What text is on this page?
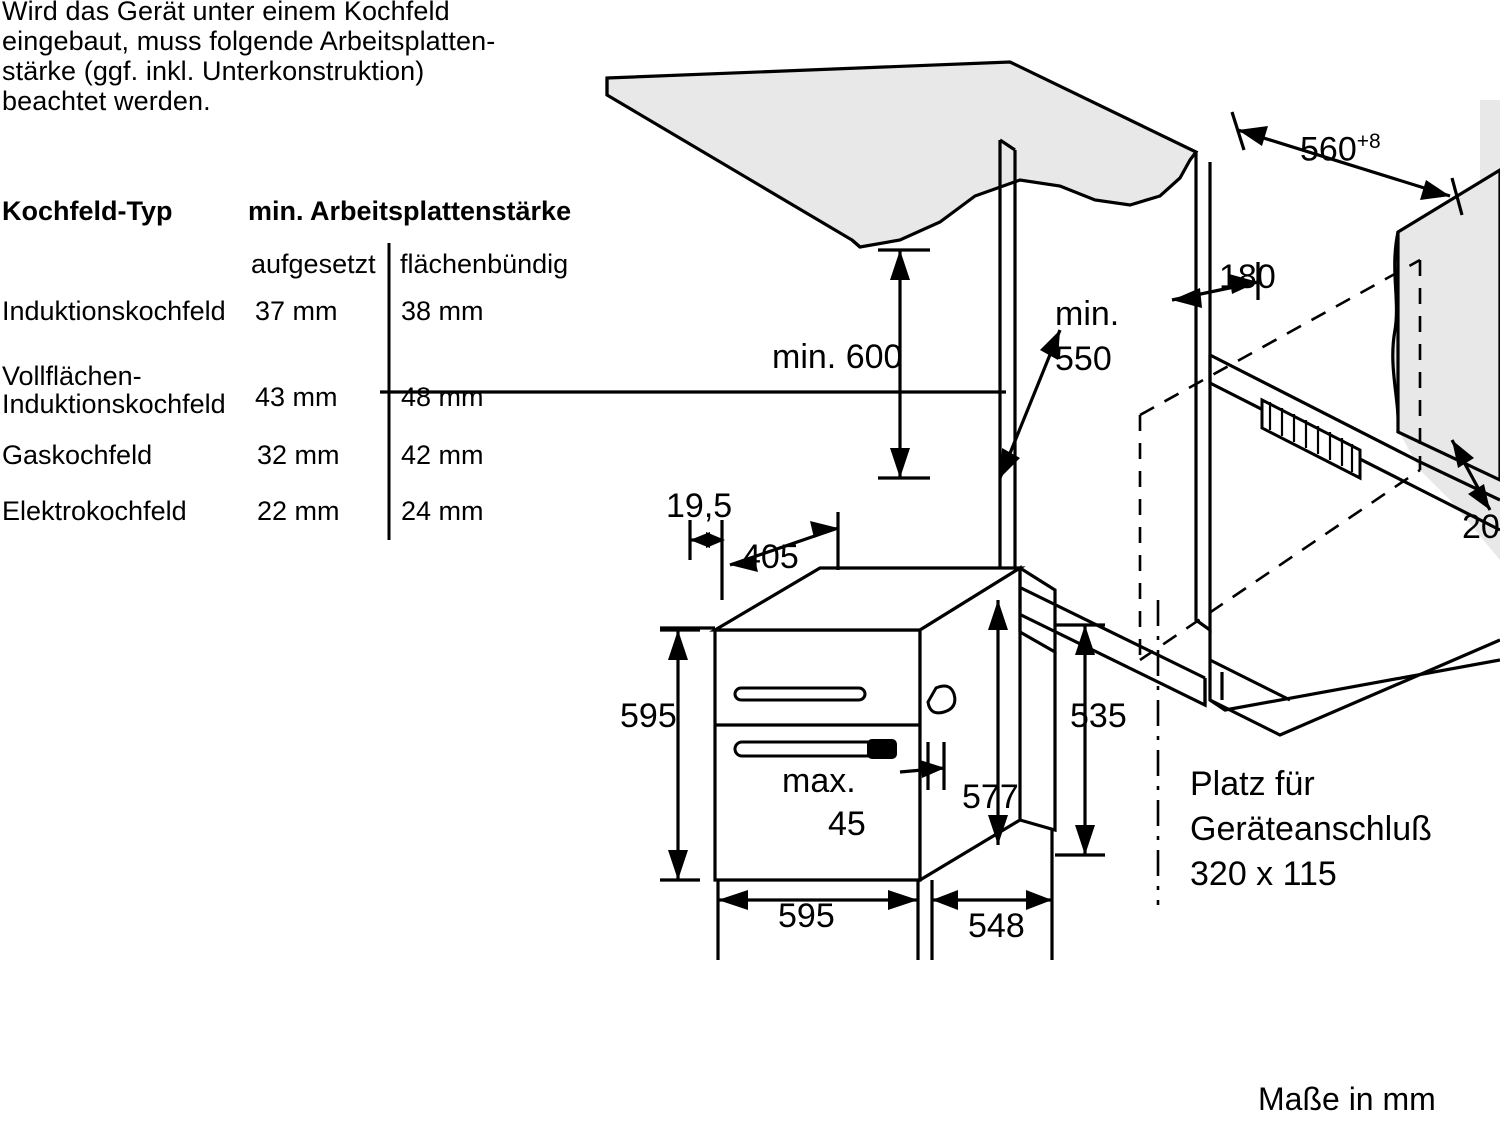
Wird das Gerät unter einem Kochfeld
eingebaut, muss folgende Arbeitsplatten-
stärke (ggf. inkl. Unterkonstruktion)
beachtet werden.
Kochfeld-Typ	min. Arbeitsplattenstärke
aufgesetzt flächenbündig
Induktionskochfeld 37 mm 38 mm
Vollflächen-
Induktionskochfeld 43 mm 48 mm
Gaskochfeld	32 mm 42 mm
Elektrokochfeld	22 mm 24 mm
$560^{+8}$
180
min.
550
min. 600
20
Platz für
Geräteanschluß
320 x 115
19,5
405
595	535
577
max.
45
595	548
Maße in mm
